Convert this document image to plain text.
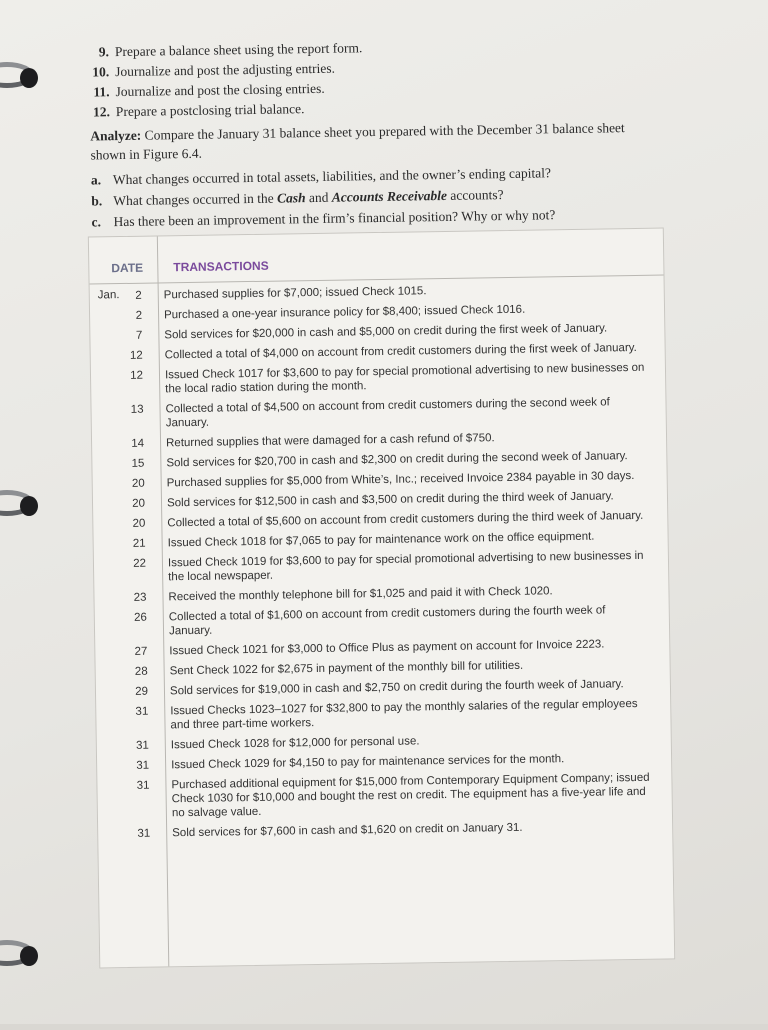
9. Prepare a balance sheet using the report form.
10. Journalize and post the adjusting entries.
11. Journalize and post the closing entries.
12. Prepare a postclosing trial balance.
Analyze: Compare the January 31 balance sheet you prepared with the December 31 balance sheet shown in Figure 6.4.
a. What changes occurred in total assets, liabilities, and the owner’s ending capital?
b. What changes occurred in the Cash and Accounts Receivable accounts?
c. Has there been an improvement in the firm’s financial position? Why or why not?
DATE TRANSACTIONS
Jan.	2	Purchased supplies for $7,000; issued Check 1015.
2	Purchased a one-year insurance policy for $8,400; issued Check 1016.
7	Sold services for $20,000 in cash and $5,000 on credit during the first week of January.
12	Collected a total of $4,000 on account from credit customers during the first week of January.
12	Issued Check 1017 for $3,600 to pay for special promotional advertising to new businesses on the local radio station during the month.
13	Collected a total of $4,500 on account from credit customers during the second week of January.
14	Returned supplies that were damaged for a cash refund of $750.
15	Sold services for $20,700 in cash and $2,300 on credit during the second week of January.
20	Purchased supplies for $5,000 from White’s, Inc.; received Invoice 2384 payable in 30 days.
20	Sold services for $12,500 in cash and $3,500 on credit during the third week of January.
20	Collected a total of $5,600 on account from credit customers during the third week of January.
21	Issued Check 1018 for $7,065 to pay for maintenance work on the office equipment.
22	Issued Check 1019 for $3,600 to pay for special promotional advertising to new businesses in the local newspaper.
23	Received the monthly telephone bill for $1,025 and paid it with Check 1020.
26	Collected a total of $1,600 on account from credit customers during the fourth week of January.
27	Issued Check 1021 for $3,000 to Office Plus as payment on account for Invoice 2223.
28	Sent Check 1022 for $2,675 in payment of the monthly bill for utilities.
29	Sold services for $19,000 in cash and $2,750 on credit during the fourth week of January.
31	Issued Checks 1023–1027 for $32,800 to pay the monthly salaries of the regular employees and three part-time workers.
31	Issued Check 1028 for $12,000 for personal use.
31	Issued Check 1029 for $4,150 to pay for maintenance services for the month.
31	Purchased additional equipment for $15,000 from Contemporary Equipment Company; issued Check 1030 for $10,000 and bought the rest on credit. The equipment has a five-year life and no salvage value.
31	Sold services for $7,600 in cash and $1,620 on credit on January 31.
